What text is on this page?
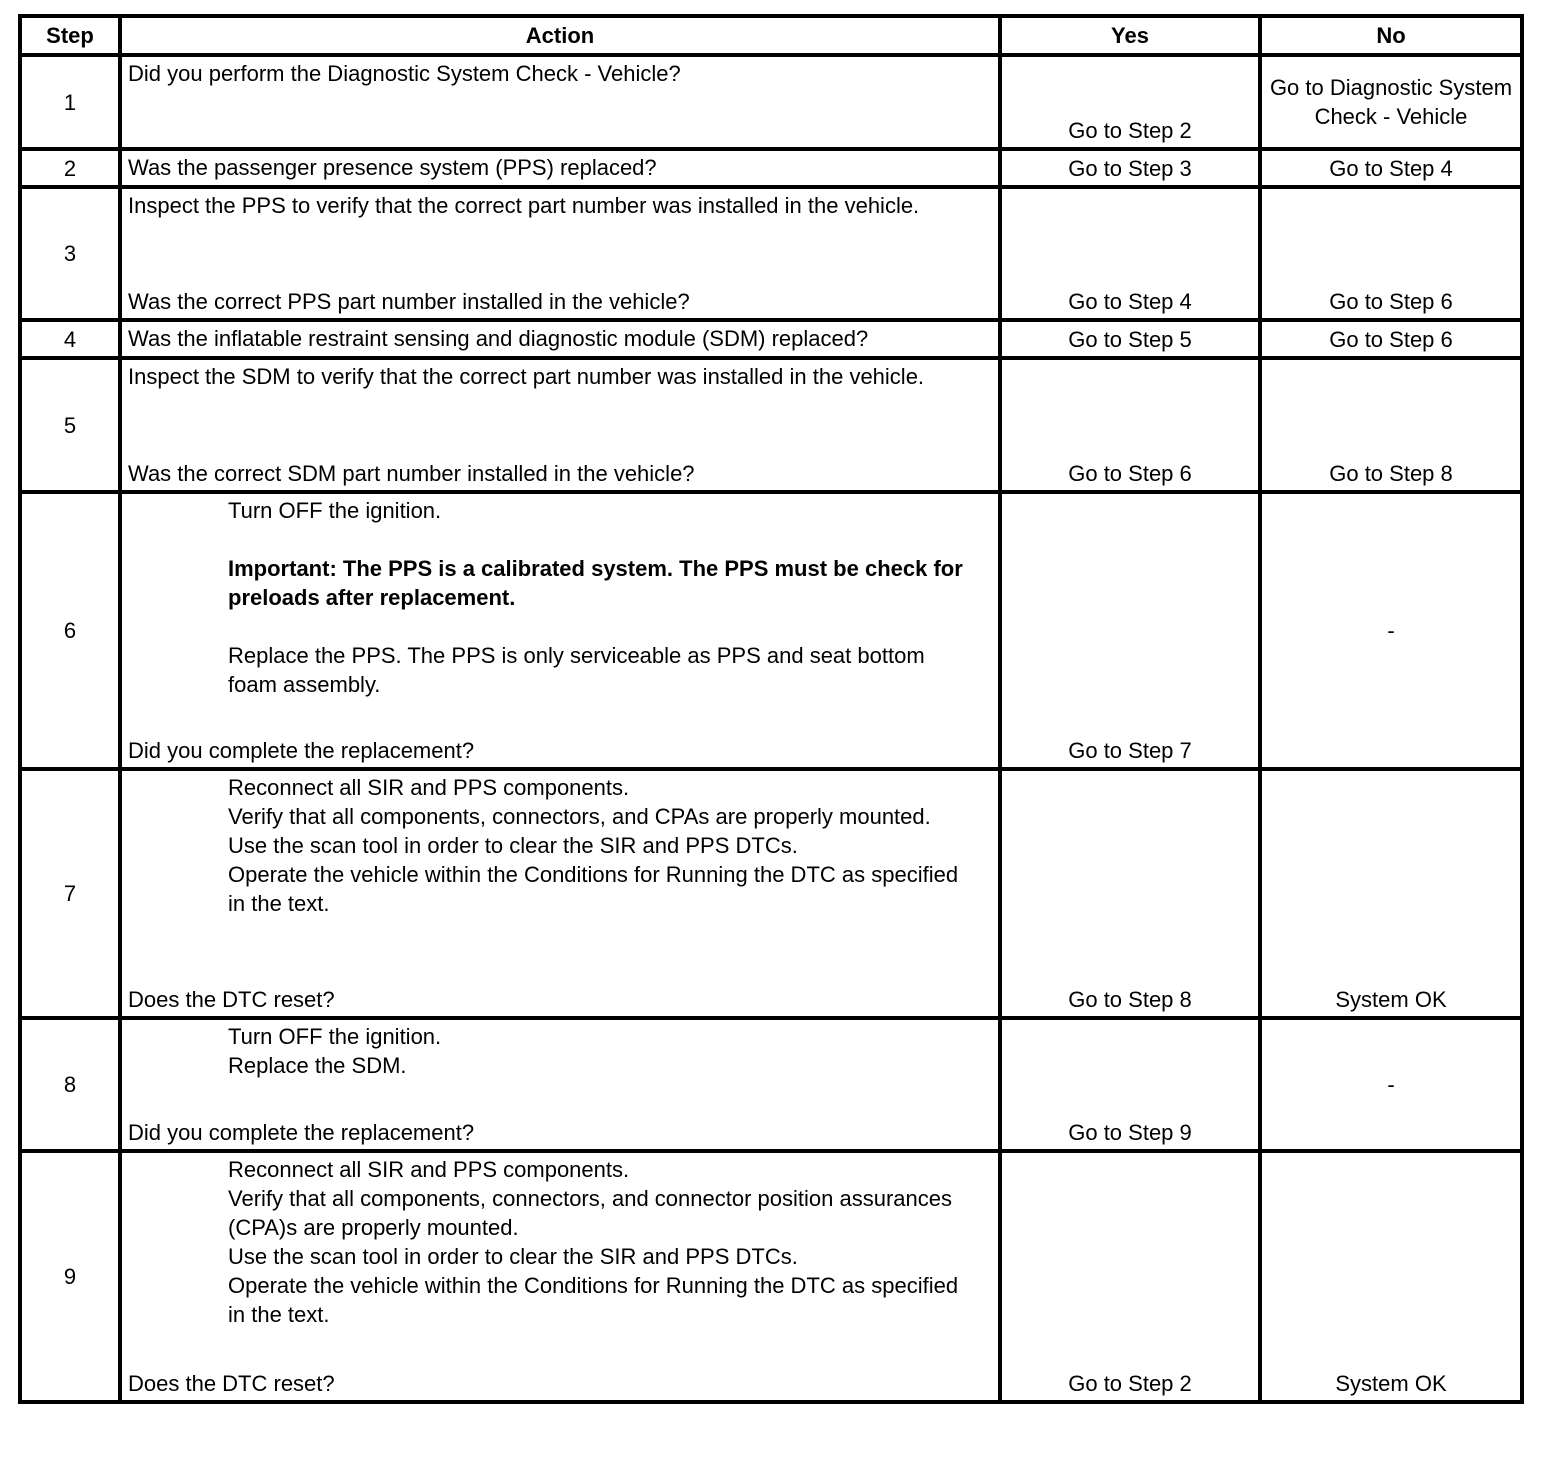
Step	Action	Yes	No
1	Did you perform the Diagnostic System Check - Vehicle?	Go to Step 2	Go to Diagnostic System Check - Vehicle
2	Was the passenger presence system (PPS) replaced?	Go to Step 3	Go to Step 4
3	Inspect the PPS to verify that the correct part number was installed in the vehicle.
Was the correct PPS part number installed in the vehicle?	Go to Step 4	Go to Step 6
4	Was the inflatable restraint sensing and diagnostic module (SDM) replaced?	Go to Step 5	Go to Step 6
5	Inspect the SDM to verify that the correct part number was installed in the vehicle.
Was the correct SDM part number installed in the vehicle?	Go to Step 6	Go to Step 8
6	Turn OFF the ignition.
Important: The PPS is a calibrated system. The PPS must be check for preloads after replacement.
Replace the PPS. The PPS is only serviceable as PPS and seat bottom foam assembly.
Did you complete the replacement?	Go to Step 7	-
7	Reconnect all SIR and PPS components.
Verify that all components, connectors, and CPAs are properly mounted.
Use the scan tool in order to clear the SIR and PPS DTCs.
Operate the vehicle within the Conditions for Running the DTC as specified in the text.
Does the DTC reset?	Go to Step 8	System OK
8	Turn OFF the ignition.
Replace the SDM.
Did you complete the replacement?	Go to Step 9	-
9	Reconnect all SIR and PPS components.
Verify that all components, connectors, and connector position assurances (CPA)s are properly mounted.
Use the scan tool in order to clear the SIR and PPS DTCs.
Operate the vehicle within the Conditions for Running the DTC as specified in the text.
Does the DTC reset?	Go to Step 2	System OK
